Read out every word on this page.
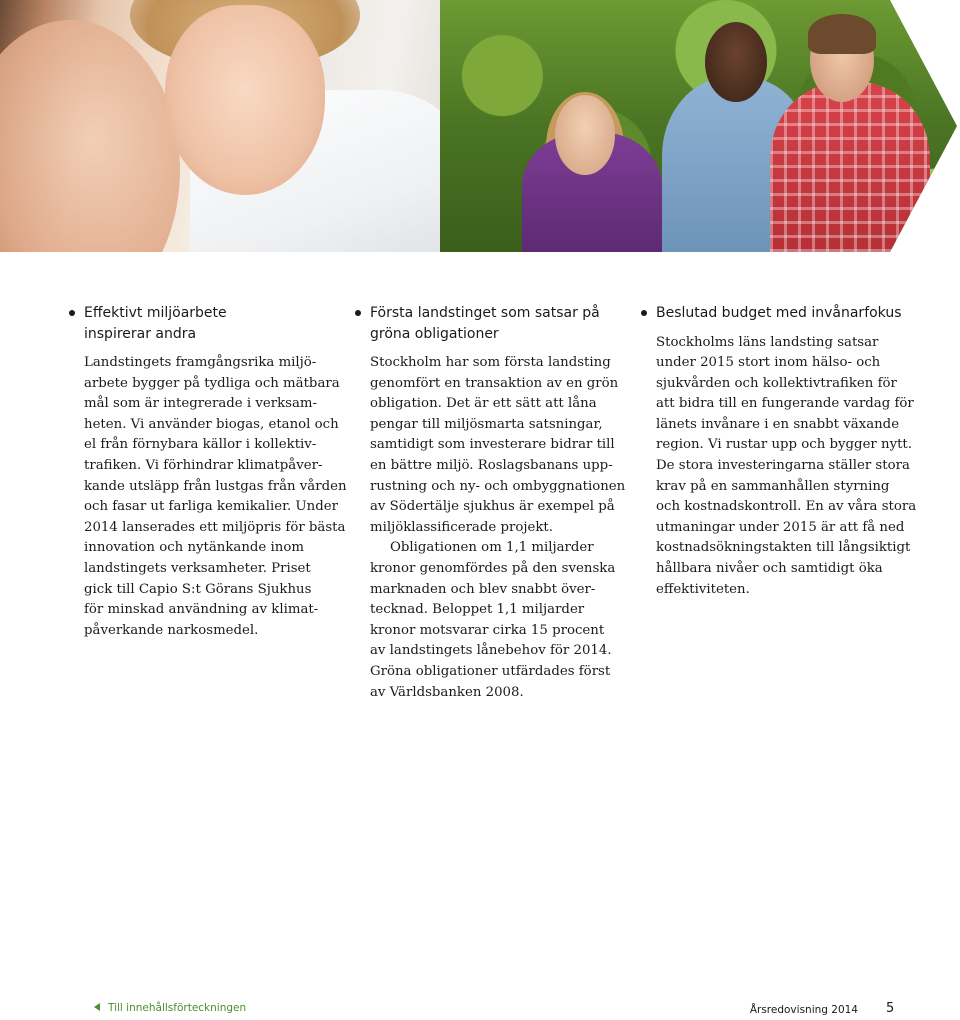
Effektivt miljöarbete
inspirerar andra

Landstingets framgångsrika miljö-
arbete bygger på tydliga och mätbara
mål som är integrerade i verksam-
heten. Vi använder biogas, etanol och
el från förnybara källor i kollektiv-
trafiken. Vi förhindrar klimatpåver-
kande utsläpp från lustgas från vården
och fasar ut farliga kemikalier. Under
2014 lanserades ett miljöpris för bästa
innovation och nytänkande inom
landstingets verksamheter. Priset
gick till Capio S:t Görans Sjukhus
för minskad användning av klimat-
påverkande narkosmedel.

Första landstinget som satsar på
gröna obligationer

Stockholm har som första landsting
genomfört en transaktion av en grön
obligation. Det är ett sätt att låna
pengar till miljösmarta satsningar,
samtidigt som investerare bidrar till
en bättre miljö. Roslagsbanans upp-
rustning och ny- och ombyggnationen
av Södertälje sjukhus är exempel på
miljöklassificerade projekt.
Obligationen om 1,1 miljarder
kronor genomfördes på den svenska
marknaden och blev snabbt över-
tecknad. Beloppet 1,1 miljarder
kronor motsvarar cirka 15 procent
av landstingets lånebehov för 2014.
Gröna obligationer utfärdades först
av Världsbanken 2008.

Beslutad budget med invånarfokus

Stockholms läns landsting satsar
under 2015 stort inom hälso- och
sjukvården och kollektivtrafiken för
att bidra till en fungerande vardag för
länets invånare i en snabbt växande
region. Vi rustar upp och bygger nytt.
De stora investeringarna ställer stora
krav på en sammanhållen styrning
och kostnadskontroll. En av våra stora
utmaningar under 2015 är att få ned
kostnadsökningstakten till långsiktigt
hållbara nivåer och samtidigt öka
effektiviteten.

Till innehållsförteckningen	Årsredovisning 2014 5
